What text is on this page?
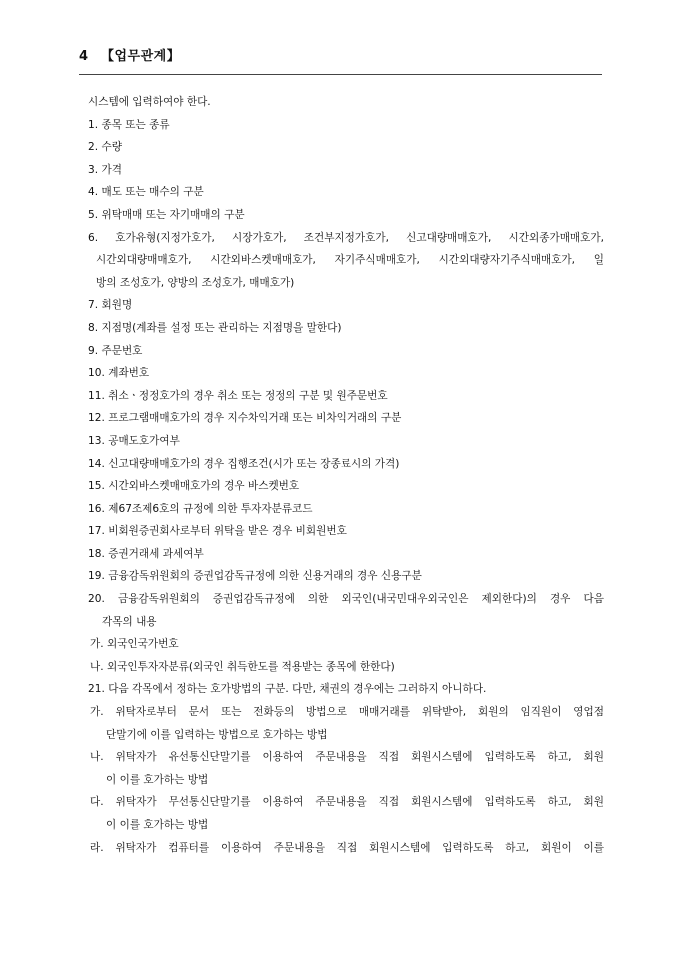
4 【업무관계】
시스템에 입력하여야 한다.
1. 종목 또는 종류
2. 수량
3. 가격
4. 매도 또는 매수의 구분
5. 위탁매매 또는 자기매매의 구분
6. 호가유형(지정가호가, 시장가호가, 조건부지정가호가, 신고대량매매호가, 시간외종가매매호가,
시간외대량매매호가, 시간외바스켓매매호가, 자기주식매매호가, 시간외대량자기주식매매호가, 일
방의 조성호가, 양방의 조성호가, 매매호가)
7. 회원명
8. 지점명(계좌를 설정 또는 관리하는 지점명을 말한다)
9. 주문번호
10. 계좌번호
11. 취소ㆍ정정호가의 경우 취소 또는 정정의 구분 및 원주문번호
12. 프로그램매매호가의 경우 지수차익거래 또는 비차익거래의 구분
13. 공매도호가여부
14. 신고대량매매호가의 경우 집행조건(시가 또는 장종료시의 가격)
15. 시간외바스켓매매호가의 경우 바스켓번호
16. 제67조제6호의 규정에 의한 투자자분류코드
17. 비회원증권회사로부터 위탁을 받은 경우 비회원번호
18. 증권거래세 과세여부
19. 금융감독위원회의 증권업감독규정에 의한 신용거래의 경우 신용구분
20. 금융감독위원회의 증권업감독규정에 의한 외국인(내국민대우외국인은 제외한다)의 경우 다음
각목의 내용
가. 외국인국가번호
나. 외국인투자자분류(외국인 취득한도를 적용받는 종목에 한한다)
21. 다음 각목에서 정하는 호가방법의 구분. 다만, 채권의 경우에는 그러하지 아니하다.
가. 위탁자로부터 문서 또는 전화등의 방법으로 매매거래를 위탁받아, 회원의 임직원이 영업점
단말기에 이를 입력하는 방법으로 호가하는 방법
나. 위탁자가 유선통신단말기를 이용하여 주문내용을 직접 회원시스템에 입력하도록 하고, 회원
이 이를 호가하는 방법
다. 위탁자가 무선통신단말기를 이용하여 주문내용을 직접 회원시스템에 입력하도록 하고, 회원
이 이를 호가하는 방법
라. 위탁자가 컴퓨터를 이용하여 주문내용을 직접 회원시스템에 입력하도록 하고, 회원이 이를
